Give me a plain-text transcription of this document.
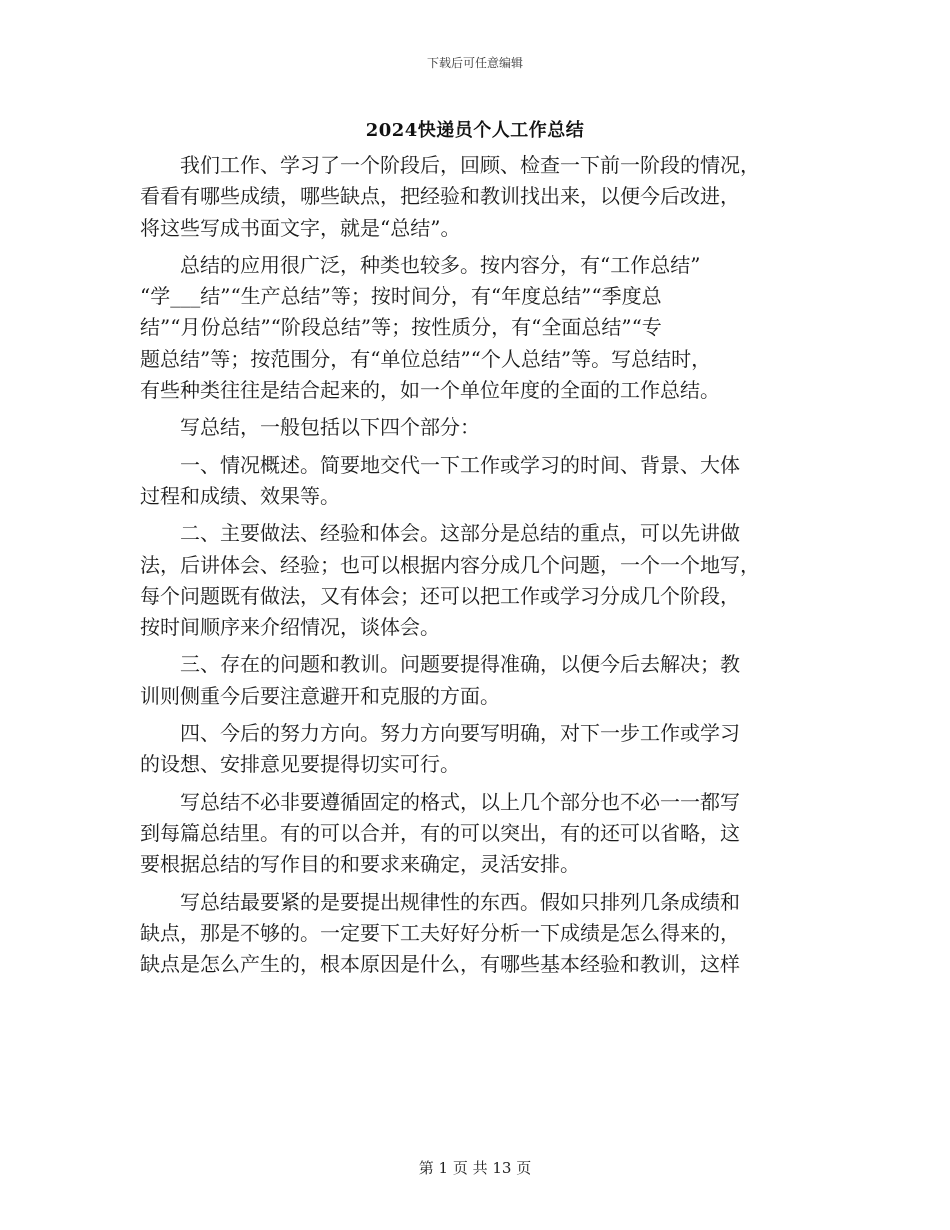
下载后可任意编辑
2024快递员个人工作总结

我们工作、学习了一个阶段后，回顾、检查一下前一阶段的情况，
看看有哪些成绩，哪些缺点，把经验和教训找出来，以便今后改进，
将这些写成书面文字，就是“总结”。

总结的应用很广泛，种类也较多。按内容分，有“工作总结”
“学___结”“生产总结”等；按时间分，有“年度总结”“季度总
结”“月份总结”“阶段总结”等；按性质分，有“全面总结”“专
题总结”等；按范围分，有“单位总结”“个人总结”等。写总结时，
有些种类往往是结合起来的，如一个单位年度的全面的工作总结。

写总结，一般包括以下四个部分：

一、情况概述。简要地交代一下工作或学习的时间、背景、大体
过程和成绩、效果等。

二、主要做法、经验和体会。这部分是总结的重点，可以先讲做
法，后讲体会、经验；也可以根据内容分成几个问题，一个一个地写，
每个问题既有做法，又有体会；还可以把工作或学习分成几个阶段，
按时间顺序来介绍情况，谈体会。

三、存在的问题和教训。问题要提得准确，以便今后去解决；教
训则侧重今后要注意避开和克服的方面。

四、今后的努力方向。努力方向要写明确，对下一步工作或学习
的设想、安排意见要提得切实可行。

写总结不必非要遵循固定的格式，以上几个部分也不必一一都写
到每篇总结里。有的可以合并，有的可以突出，有的还可以省略，这
要根据总结的写作目的和要求来确定，灵活安排。

写总结最要紧的是要提出规律性的东西。假如只排列几条成绩和
缺点，那是不够的。一定要下工夫好好分析一下成绩是怎么得来的，
缺点是怎么产生的，根本原因是什么，有哪些基本经验和教训，这样

第 1 页 共 13 页
